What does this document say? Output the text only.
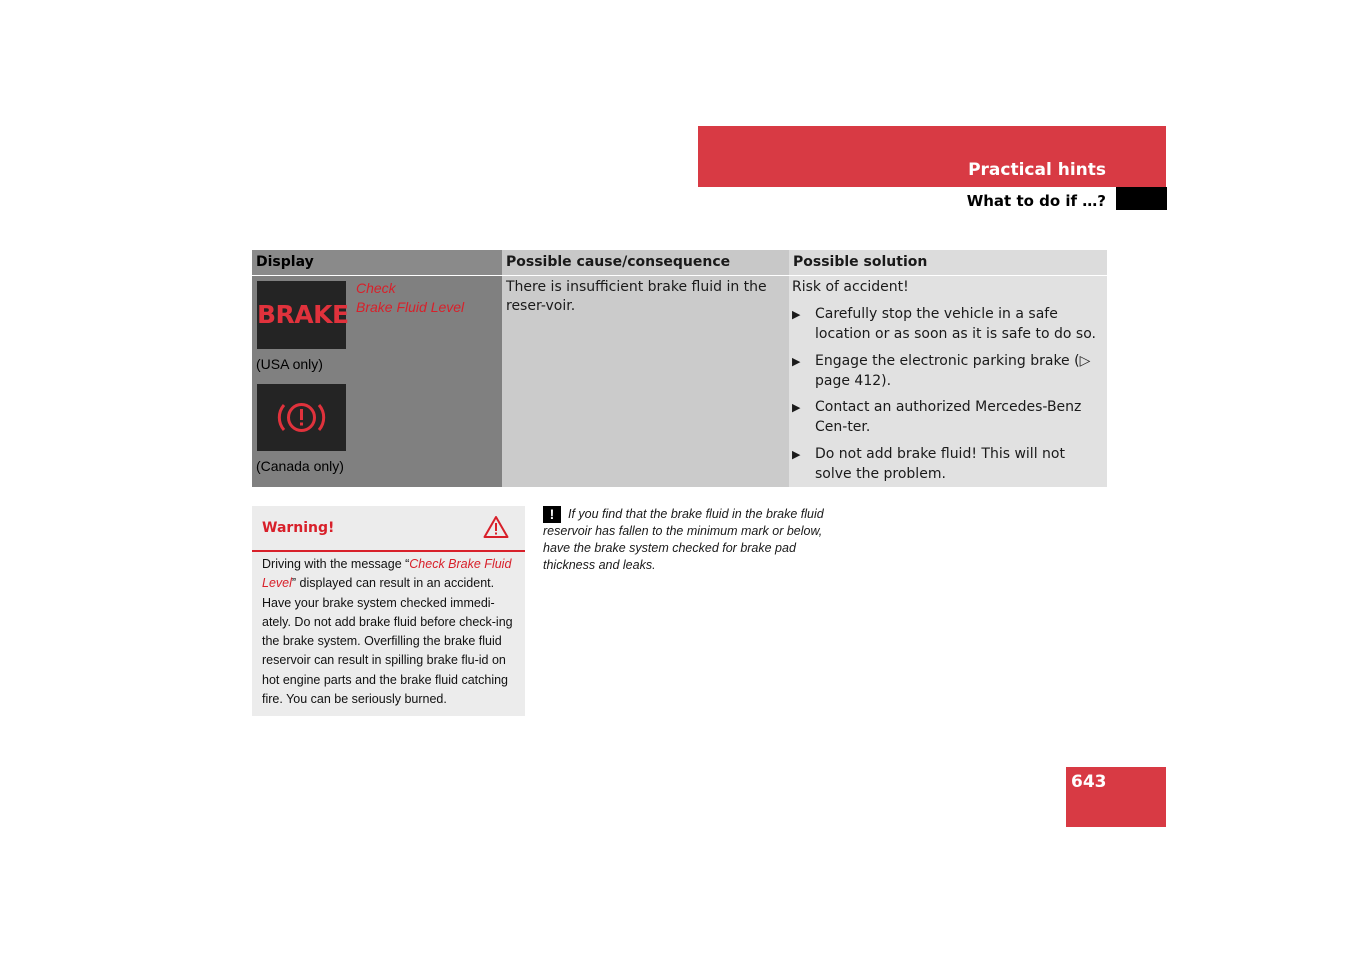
Practical hints
What to do if …?
Display	Possible cause/consequence	Possible solution
BRAKE
Check
Brake Fluid Level
(USA only)
(Canada only)
There is insufficient brake fluid in the reser-voir.
Risk of accident!
▶ Carefully stop the vehicle in a safe location or as soon as it is safe to do so.
▶ Engage the electronic parking brake (▷ page 412).
▶ Contact an authorized Mercedes-Benz Cen-ter.
▶ Do not add brake fluid! This will not solve the problem.
Warning!
Driving with the message “Check Brake Fluid Level” displayed can result in an accident. Have your brake system checked immedi-ately. Do not add brake fluid before check-ing the brake system. Overfilling the brake fluid reservoir can result in spilling brake flu-id on hot engine parts and the brake fluid catching fire. You can be seriously burned.
! If you find that the brake fluid in the brake fluid reservoir has fallen to the minimum mark or below, have the brake system checked for brake pad thickness and leaks.
643
